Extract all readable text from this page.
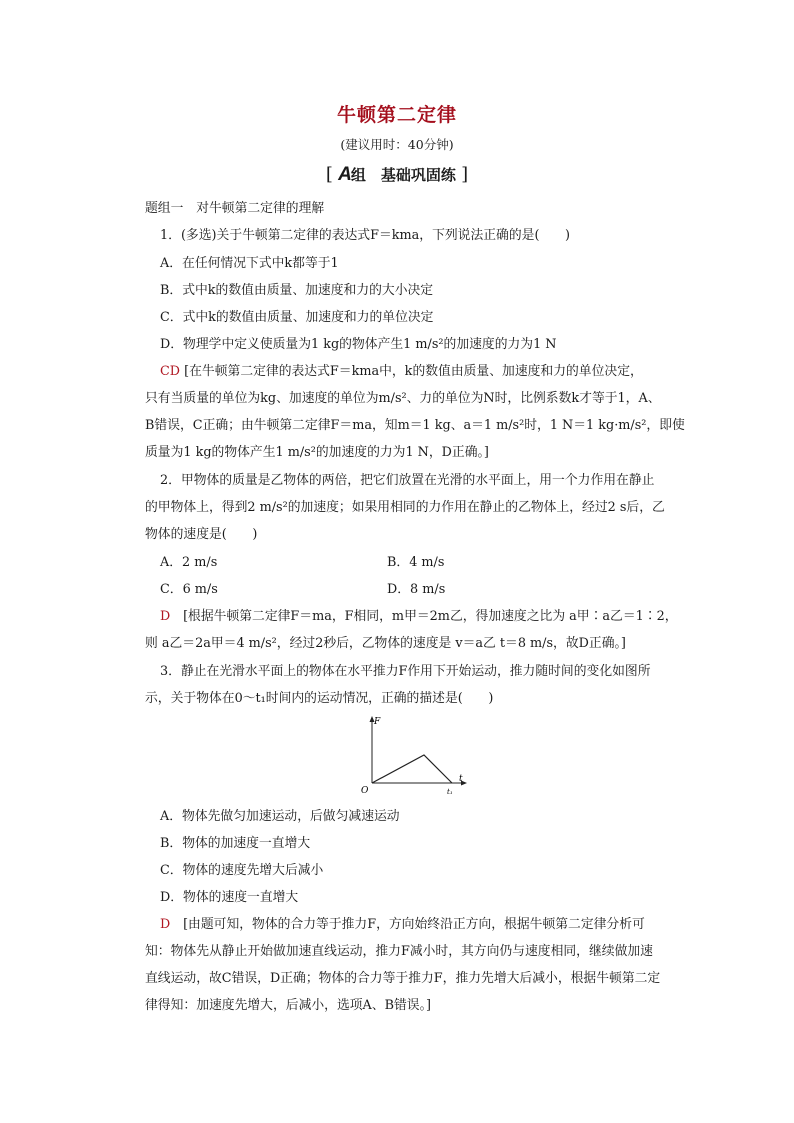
牛顿第二定律
(建议用时：40分钟)
[ A组　基础巩固练 ]
题组一　对牛顿第二定律的理解
1．(多选)关于牛顿第二定律的表达式F＝kma，下列说法正确的是(　　)
A．在任何情况下式中k都等于1
B．式中k的数值由质量、加速度和力的大小决定
C．式中k的数值由质量、加速度和力的单位决定
D．物理学中定义使质量为1 kg的物体产生1 m/s²的加速度的力为1 N
CD [在牛顿第二定律的表达式F＝kma中，k的数值由质量、加速度和力的单位决定，
只有当质量的单位为kg、加速度的单位为m/s²、力的单位为N时，比例系数k才等于1，A、
B错误，C正确；由牛顿第二定律F＝ma，知m＝1 kg、a＝1 m/s²时，1 N＝1 kg·m/s²，即使
质量为1 kg的物体产生1 m/s²的加速度的力为1 N，D正确。]
2．甲物体的质量是乙物体的两倍，把它们放置在光滑的水平面上，用一个力作用在静止
的甲物体上，得到2 m/s²的加速度；如果用相同的力作用在静止的乙物体上，经过2 s后，乙
物体的速度是(　　)
A．2 m/s	B．4 m/s
C．6 m/s	D．8 m/s
D　 [根据牛顿第二定律F＝ma，F相同，m甲＝2m乙，得加速度之比为 a甲∶a乙＝1∶2，
则 a乙＝2a甲＝4 m/s²，经过2秒后，乙物体的速度是 v＝a乙 t＝8 m/s，故D正确。]
3．静止在光滑水平面上的物体在水平推力F作用下开始运动，推力随时间的变化如图所
示，关于物体在0～t₁时间内的运动情况，正确的描述是(　　)
F
t
O	t₁
A．物体先做匀加速运动，后做匀减速运动
B．物体的加速度一直增大
C．物体的速度先增大后减小
D．物体的速度一直增大
D　 [由题可知，物体的合力等于推力F，方向始终沿正方向，根据牛顿第二定律分析可
知：物体先从静止开始做加速直线运动，推力F减小时，其方向仍与速度相同，继续做加速
直线运动，故C错误，D正确；物体的合力等于推力F，推力先增大后减小，根据牛顿第二定
律得知：加速度先增大，后减小，选项A、B错误。]
